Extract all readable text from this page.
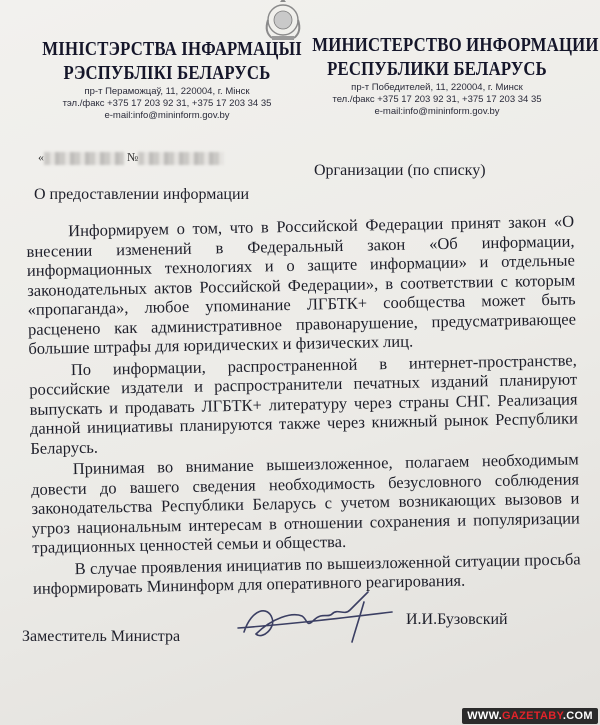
МІНІСТЭРСТВА ІНФАРМАЦЫІ
РЭСПУБЛІКІ БЕЛАРУСЬ
пр-т Пераможцаў, 11, 220004, г. Мінск
тэл./факс +375 17 203 92 31, +375 17 203 34 35
e-mail:info@mininform.gov.by
МИНИСТЕРСТВО ИНФОРМАЦИИ
РЕСПУБЛИКИ БЕЛАРУСЬ
пр-т Победителей, 11, 220004, г. Минск
тел./факс +375 17 203 92 31, +375 17 203 34 35
e-mail:info@mininform.gov.by
«	№
Организации (по списку)
О предоставлении информации

Информируем о том, что в Российской Федерации принят закон «О внесении изменений в Федеральный закон «Об информации, информационных технологиях и о защите информации» и отдельные законодательных актов Российской Федерации», в соответствии с которым «пропаганда», любое упоминание ЛГБТК+ сообщества может быть расценено как административное правонарушение, предусматривающее большие штрафы для юридических и физических лиц.

По информации, распространенной в интернет-пространстве, российские издатели и распространители печатных изданий планируют выпускать и продавать ЛГБТК+ литературу через страны СНГ. Реализация данной инициативы планируются также через книжный рынок Республики Беларусь.

Принимая во внимание вышеизложенное, полагаем необходимым довести до вашего сведения необходимость безусловного соблюдения законодательства Республики Беларусь с учетом возникающих вызовов и угроз национальным интересам в отношении сохранения и популяризации традиционных ценностей семьи и общества.

В случае проявления инициатив по вышеизложенной ситуации просьба информировать Мининформ для оперативного реагирования.

Заместитель Министра
И.И.Бузовский
WWW.GAZETABY.COM
